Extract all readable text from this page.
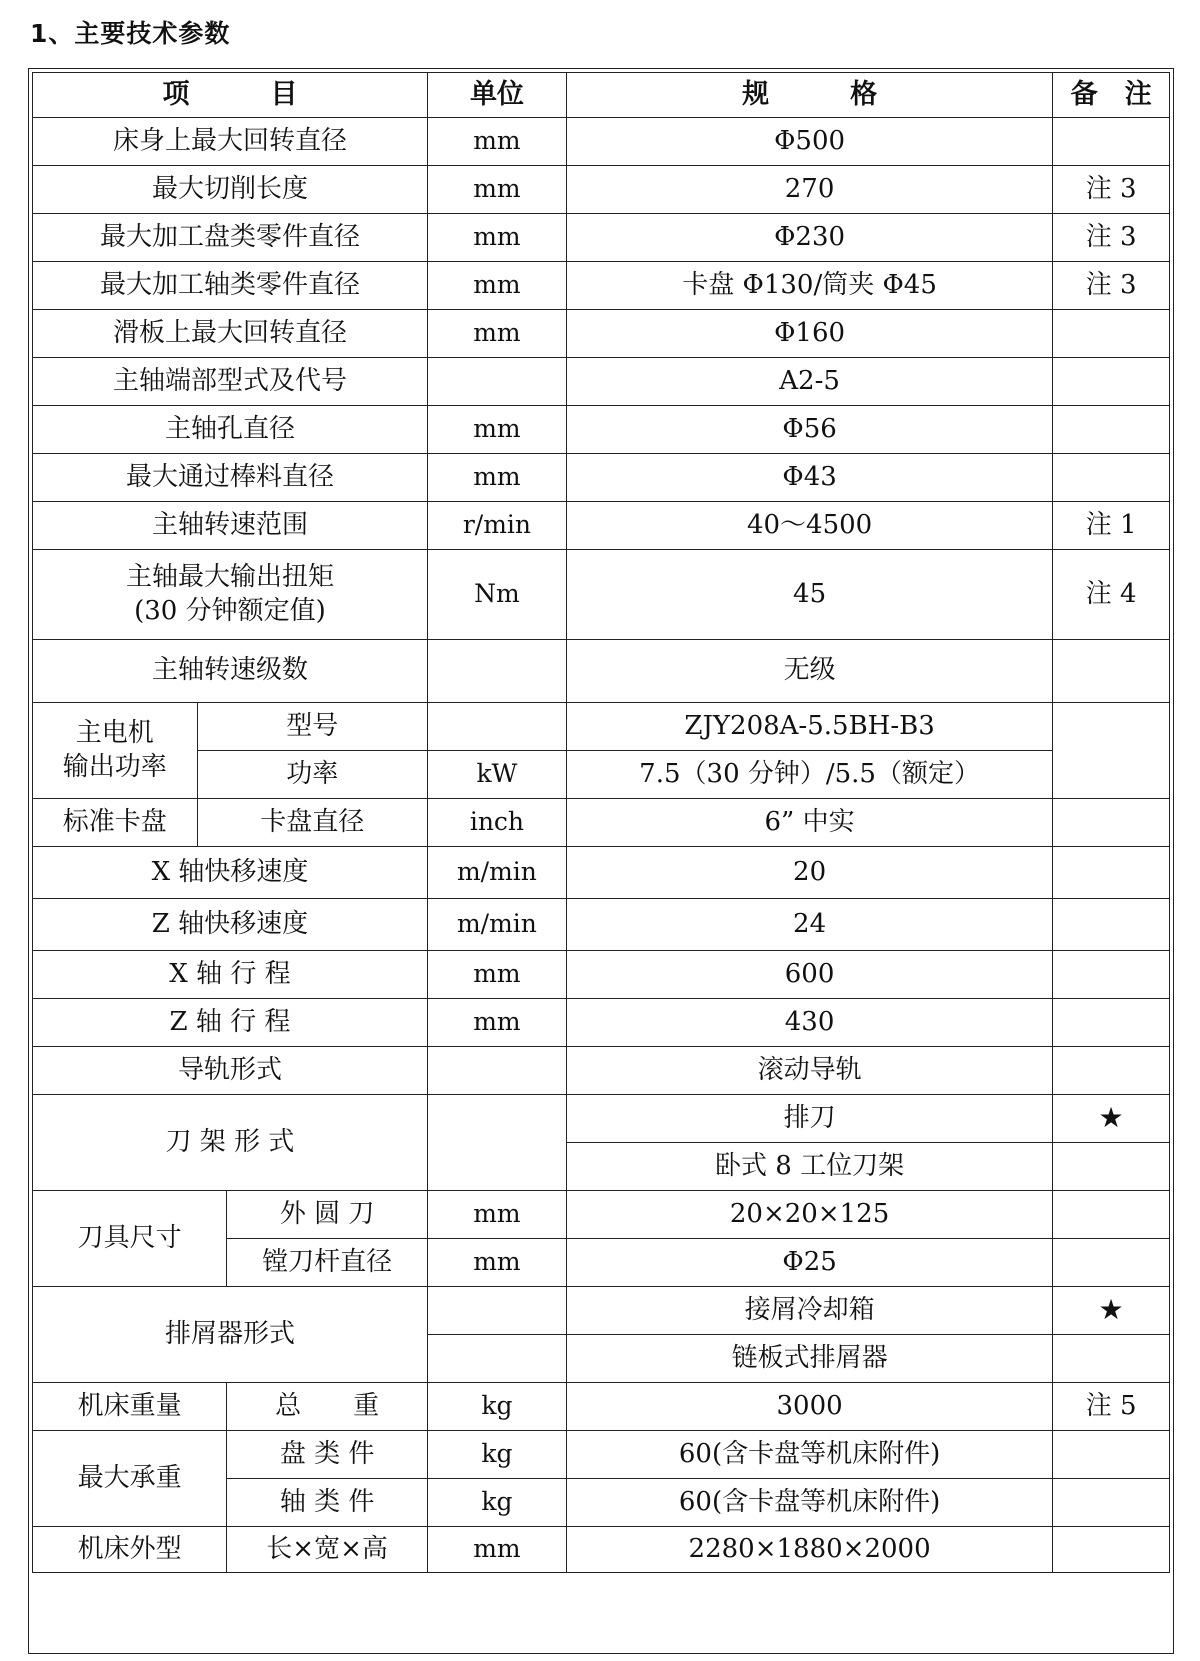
1、主要技术参数
项　　　目			单位	规　　　格	备　注
床身上最大回转直径			mm	Φ500	
最大切削长度			mm	270	注 3
最大加工盘类零件直径			mm	Φ230	注 3
最大加工轴类零件直径			mm	卡盘 Φ130/筒夹 Φ45	注 3
滑板上最大回转直径			mm	Φ160	
主轴端部型式及代号				A2-5	
主轴孔直径			mm	Φ56	
最大通过棒料直径			mm	Φ43	
主轴转速范围			r/min	40～4500	注 1

主轴最大输出扭矩
(30 分钟额定值)			Nm	45	注 4
主轴转速级数				无级	

主电机
输出功率	型号			ZJY208A-5.5BH-B3	
	功率		kW	7.5（30 分钟）/5.5（额定）	
标准卡盘	卡盘直径		inch	6” 中实	
X 轴快移速度			m/min	20	
Z 轴快移速度			m/min	24	
X 轴 行 程			mm	600	
Z 轴 行 程			mm	430	
导轨形式				滚动导轨	
刀 架 形 式				排刀	★
				卧式 8 工位刀架	
刀具尺寸		外 圆 刀	mm	20×20×125	
		镗刀杆直径	mm	Φ25	
排屑器形式				接屑冷却箱	★
				链板式排屑器	
机床重量		总　　重	kg	3000	注 5
最大承重		盘 类 件	kg	60(含卡盘等机床附件)	
		轴 类 件	kg	60(含卡盘等机床附件)	
机床外型		长×宽×高	mm	2280×1880×2000	
